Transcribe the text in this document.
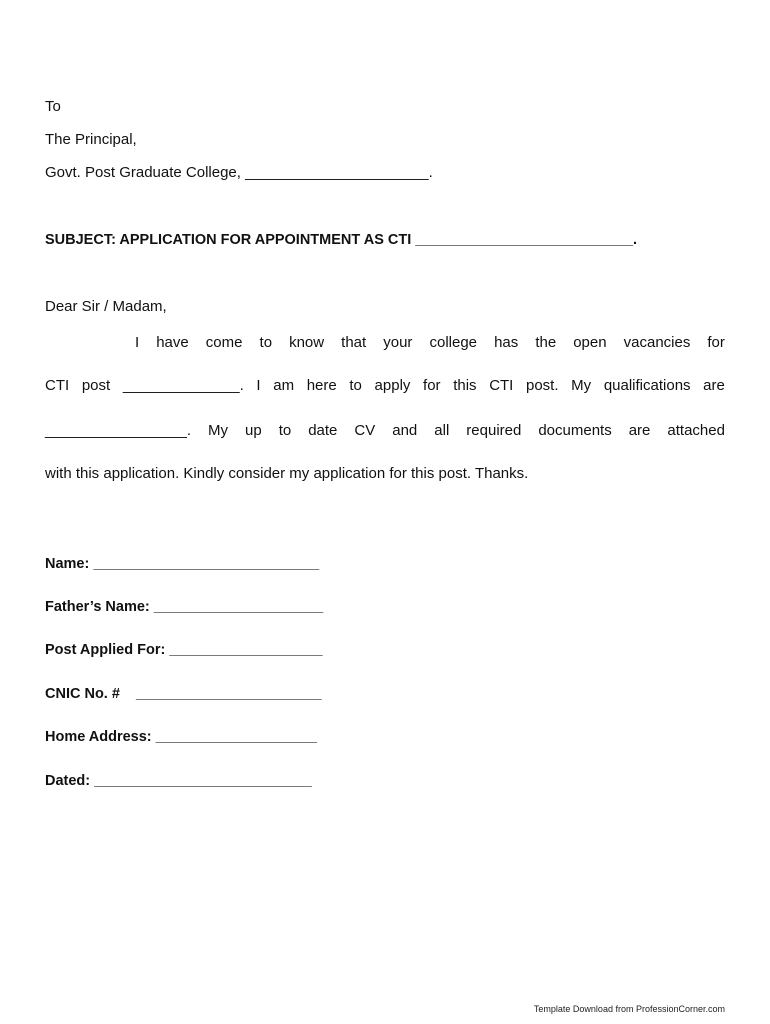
To
The Principal,
Govt. Post Graduate College, ______________________.
SUBJECT: APPLICATION FOR APPOINTMENT AS CTI ___________________________.
Dear Sir / Madam,
I have come to know that your college has the open vacancies for
CTI post ______________. I am here to apply for this CTI post. My qualifications are
_________________. My up to date CV and all required documents are attached
with this application. Kindly consider my application for this post. Thanks.
Name: ____________________________
Father’s Name: _____________________
Post Applied For: ___________________
CNIC No. #    _______________________
Home Address: ____________________
Dated: ___________________________
Template Download from ProfessionCorner.com
